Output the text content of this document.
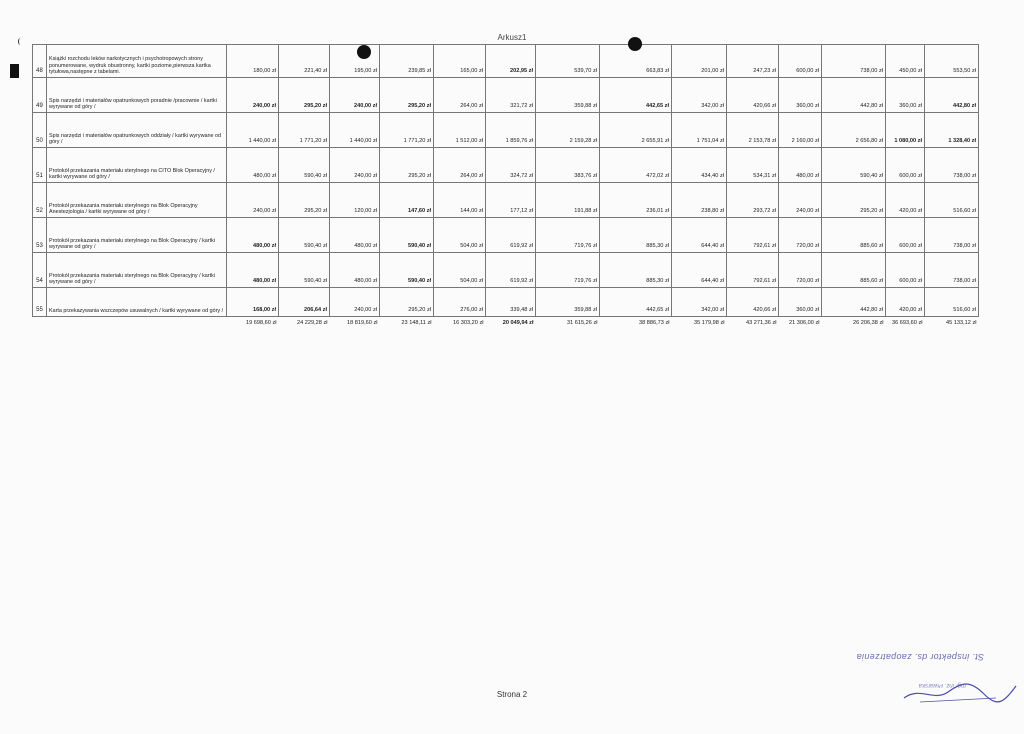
Arkusz1
48	Książki rozchodu leków narkotycznych i psychotropowych strony ponumerowane, wydruk obustronny, kartki poziome,pierwsza kartka tytułowa,następne z tabelami.	180,00 zł	221,40 zł	195,00 zł	239,85 zł	165,00 zł	202,95 zł	539,70 zł	663,83 zł	201,00 zł	247,23 zł	600,00 zł	738,00 zł	450,00 zł	553,50 zł
49	Spis narzędzi i materiałów opatrunkowych poradnie /pracownie / kartki wyrywane od góry /	240,00 zł	295,20 zł	240,00 zł	295,20 zł	264,00 zł	321,72 zł	359,88 zł	442,65 zł	342,00 zł	420,66 zł	360,00 zł	442,80 zł	360,00 zł	442,80 zł
50	Spis narzędzi i materiałów opatrunkowych oddziały / kartki wyrywane od góry /	1 440,00 zł	1 771,20 zł	1 440,00 zł	1 771,20 zł	1 512,00 zł	1 859,76 zł	2 159,28 zł	2 655,91 zł	1 751,04 zł	2 153,78 zł	2 160,00 zł	2 656,80 zł	1 080,00 zł	1 328,40 zł
51	Protokół przekazania materiału sterylnego na CITO Blok Operacyjny / kartki wyrywane od góry /	480,00 zł	590,40 zł	240,00 zł	295,20 zł	264,00 zł	324,72 zł	383,76 zł	472,02 zł	434,40 zł	534,31 zł	480,00 zł	590,40 zł	600,00 zł	738,00 zł
52	Protokół przekazania materiału sterylnego na Blok Operacyjny Anestezjologia / kartki wyrywane od góry /	240,00 zł	295,20 zł	120,00 zł	147,60 zł	144,00 zł	177,12 zł	191,88 zł	236,01 zł	238,80 zł	293,72 zł	240,00 zł	295,20 zł	420,00 zł	516,60 zł
53	Protokół przekazania materiału sterylnego na Blok Operacyjny / kartki wyrywane od góry /	480,00 zł	590,40 zł	480,00 zł	590,40 zł	504,00 zł	619,92 zł	719,76 zł	885,30 zł	644,40 zł	792,61 zł	720,00 zł	885,60 zł	600,00 zł	738,00 zł
54	Protokół przekazania materiału sterylnego na Blok Operacyjny / kartki wyrywane od góry /	480,00 zł	590,40 zł	480,00 zł	590,40 zł	504,00 zł	619,92 zł	719,76 zł	885,30 zł	644,40 zł	792,61 zł	720,00 zł	885,60 zł	600,00 zł	738,00 zł
55	Karta przekazywania wszczepów usuwalnych / kartki wyrywane od góry /	168,00 zł	206,64 zł	240,00 zł	295,20 zł	276,00 zł	339,48 zł	359,88 zł	442,65 zł	342,00 zł	420,66 zł	360,00 zł	442,80 zł	420,00 zł	516,60 zł
		19 698,60 zł	24 229,28 zł	18 819,60 zł	23 148,11 zł	16 303,20 zł	20 049,94 zł	31 615,26 zł	38 886,73 zł	35 179,98 zł	43 271,36 zł	21 306,00 zł	26 206,38 zł	36 693,60 zł	45 133,12 zł
Strona 2
St. inspektor ds. zaopatrzenia
mgr inż. Piwarska
